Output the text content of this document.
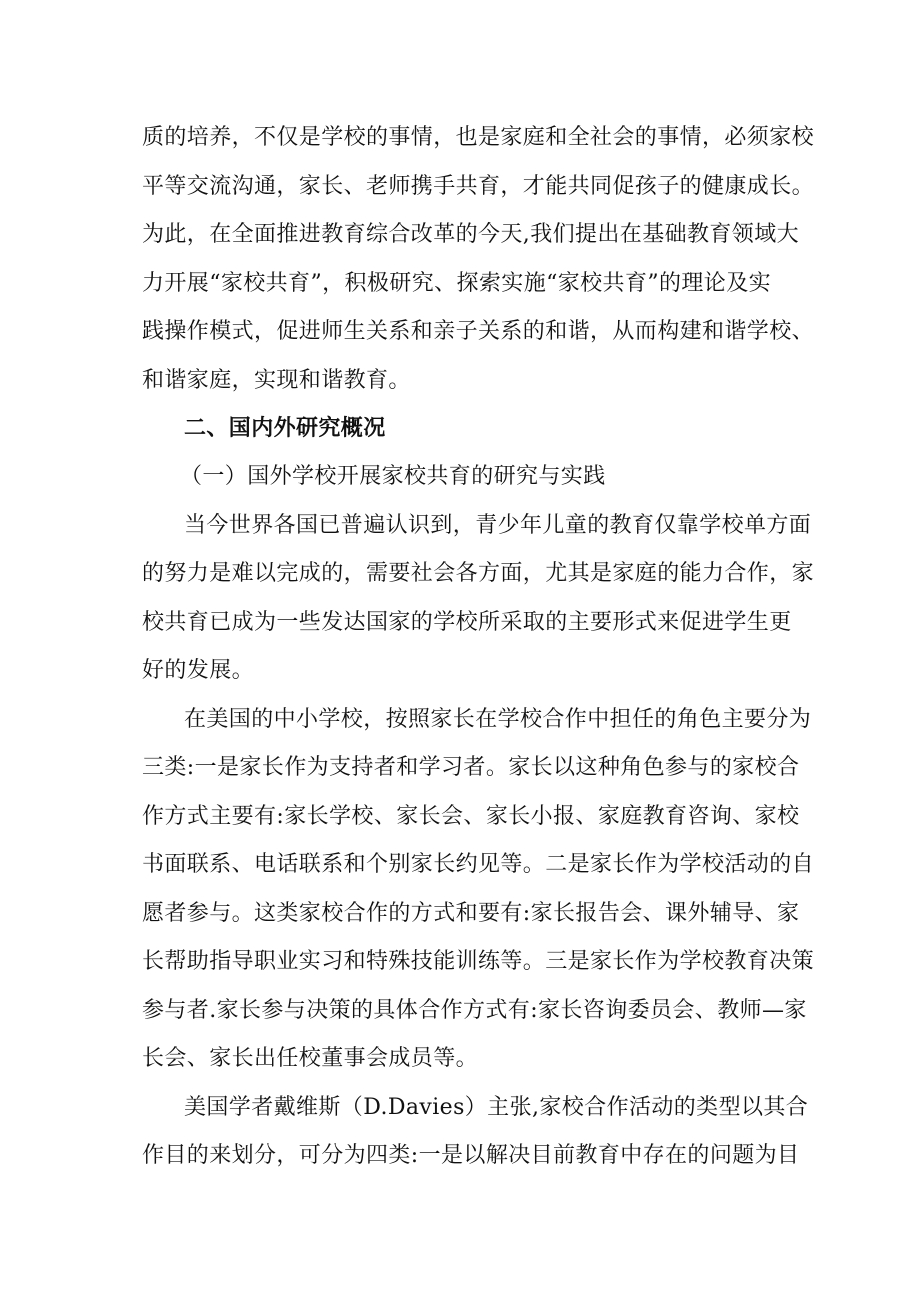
质的培养，不仅是学校的事情，也是家庭和全社会的事情，必须家校
平等交流沟通，家长、老师携手共育，才能共同促孩子的健康成长。
为此，在全面推进教育综合改革的今天,我们提出在基础教育领域大
力开展“家校共育”，积极研究、探索实施“家校共育”的理论及实
践操作模式，促进师生关系和亲子关系的和谐，从而构建和谐学校、
和谐家庭，实现和谐教育。
二、国内外研究概况
（一）国外学校开展家校共育的研究与实践
当今世界各国已普遍认识到，青少年儿童的教育仅靠学校单方面
的努力是难以完成的，需要社会各方面，尤其是家庭的能力合作，家
校共育已成为一些发达国家的学校所采取的主要形式来促进学生更
好的发展。
在美国的中小学校，按照家长在学校合作中担任的角色主要分为
三类:一是家长作为支持者和学习者。家长以这种角色参与的家校合
作方式主要有:家长学校、家长会、家长小报、家庭教育咨询、家校
书面联系、电话联系和个别家长约见等。二是家长作为学校活动的自
愿者参与。这类家校合作的方式和要有:家长报告会、课外辅导、家
长帮助指导职业实习和特殊技能训练等。三是家长作为学校教育决策
参与者.家长参与决策的具体合作方式有:家长咨询委员会、教师—家
长会、家长出任校董事会成员等。
美国学者戴维斯（D.Davies）主张,家校合作活动的类型以其合
作目的来划分，可分为四类:一是以解决目前教育中存在的问题为目
